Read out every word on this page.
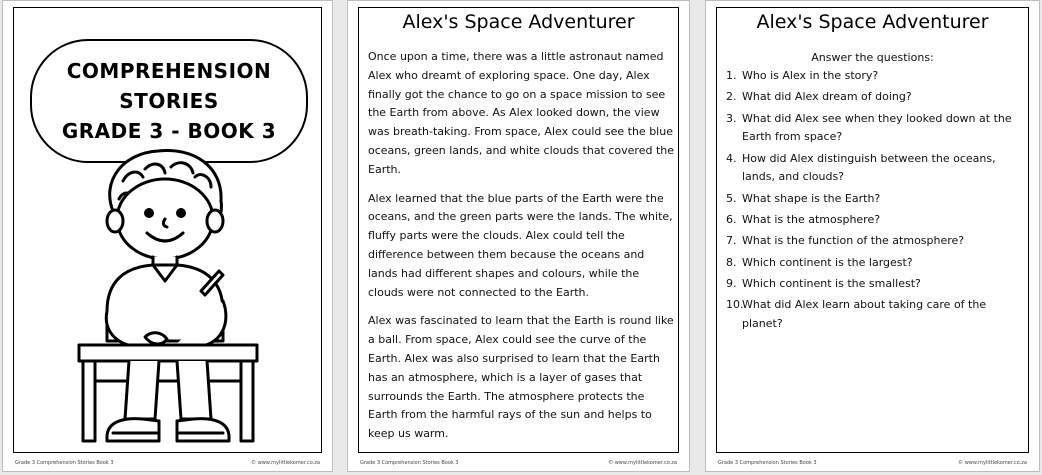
COMPREHENSION
STORIES
GRADE 3 - BOOK 3
Grade 3 Comprehension Stories Book 3	© www.mylittlekomer.co.za
Alex's Space Adventurer

Once upon a time, there was a little astronaut named Alex who dreamt of exploring space. One day, Alex finally got the chance to go on a space mission to see the Earth from above. As Alex looked down, the view was breath-taking. From space, Alex could see the blue oceans, green lands, and white clouds that covered the Earth.

Alex learned that the blue parts of the Earth were the oceans, and the green parts were the lands. The white, fluffy parts were the clouds. Alex could tell the difference between them because the oceans and lands had different shapes and colours, while the clouds were not connected to the Earth.

Alex was fascinated to learn that the Earth is round like a ball. From space, Alex could see the curve of the Earth. Alex was also surprised to learn that the Earth has an atmosphere, which is a layer of gases that surrounds the Earth. The atmosphere protects the Earth from the harmful rays of the sun and helps to keep us warm.

Grade 3 Comprehension Stories Book 3	© www.mylittlekomer.co.za
Alex's Space Adventurer
Answer the questions:
1. Who is Alex in the story?
2. What did Alex dream of doing?
3. What did Alex see when they looked down at the Earth from space?
4. How did Alex distinguish between the oceans, lands, and clouds?
5. What shape is the Earth?
6. What is the atmosphere?
7. What is the function of the atmosphere?
8. Which continent is the largest?
9. Which continent is the smallest?
10.
What did Alex learn about taking care of the planet?
Grade 3 Comprehension Stories Book 3	© www.mylittlekomer.co.za
